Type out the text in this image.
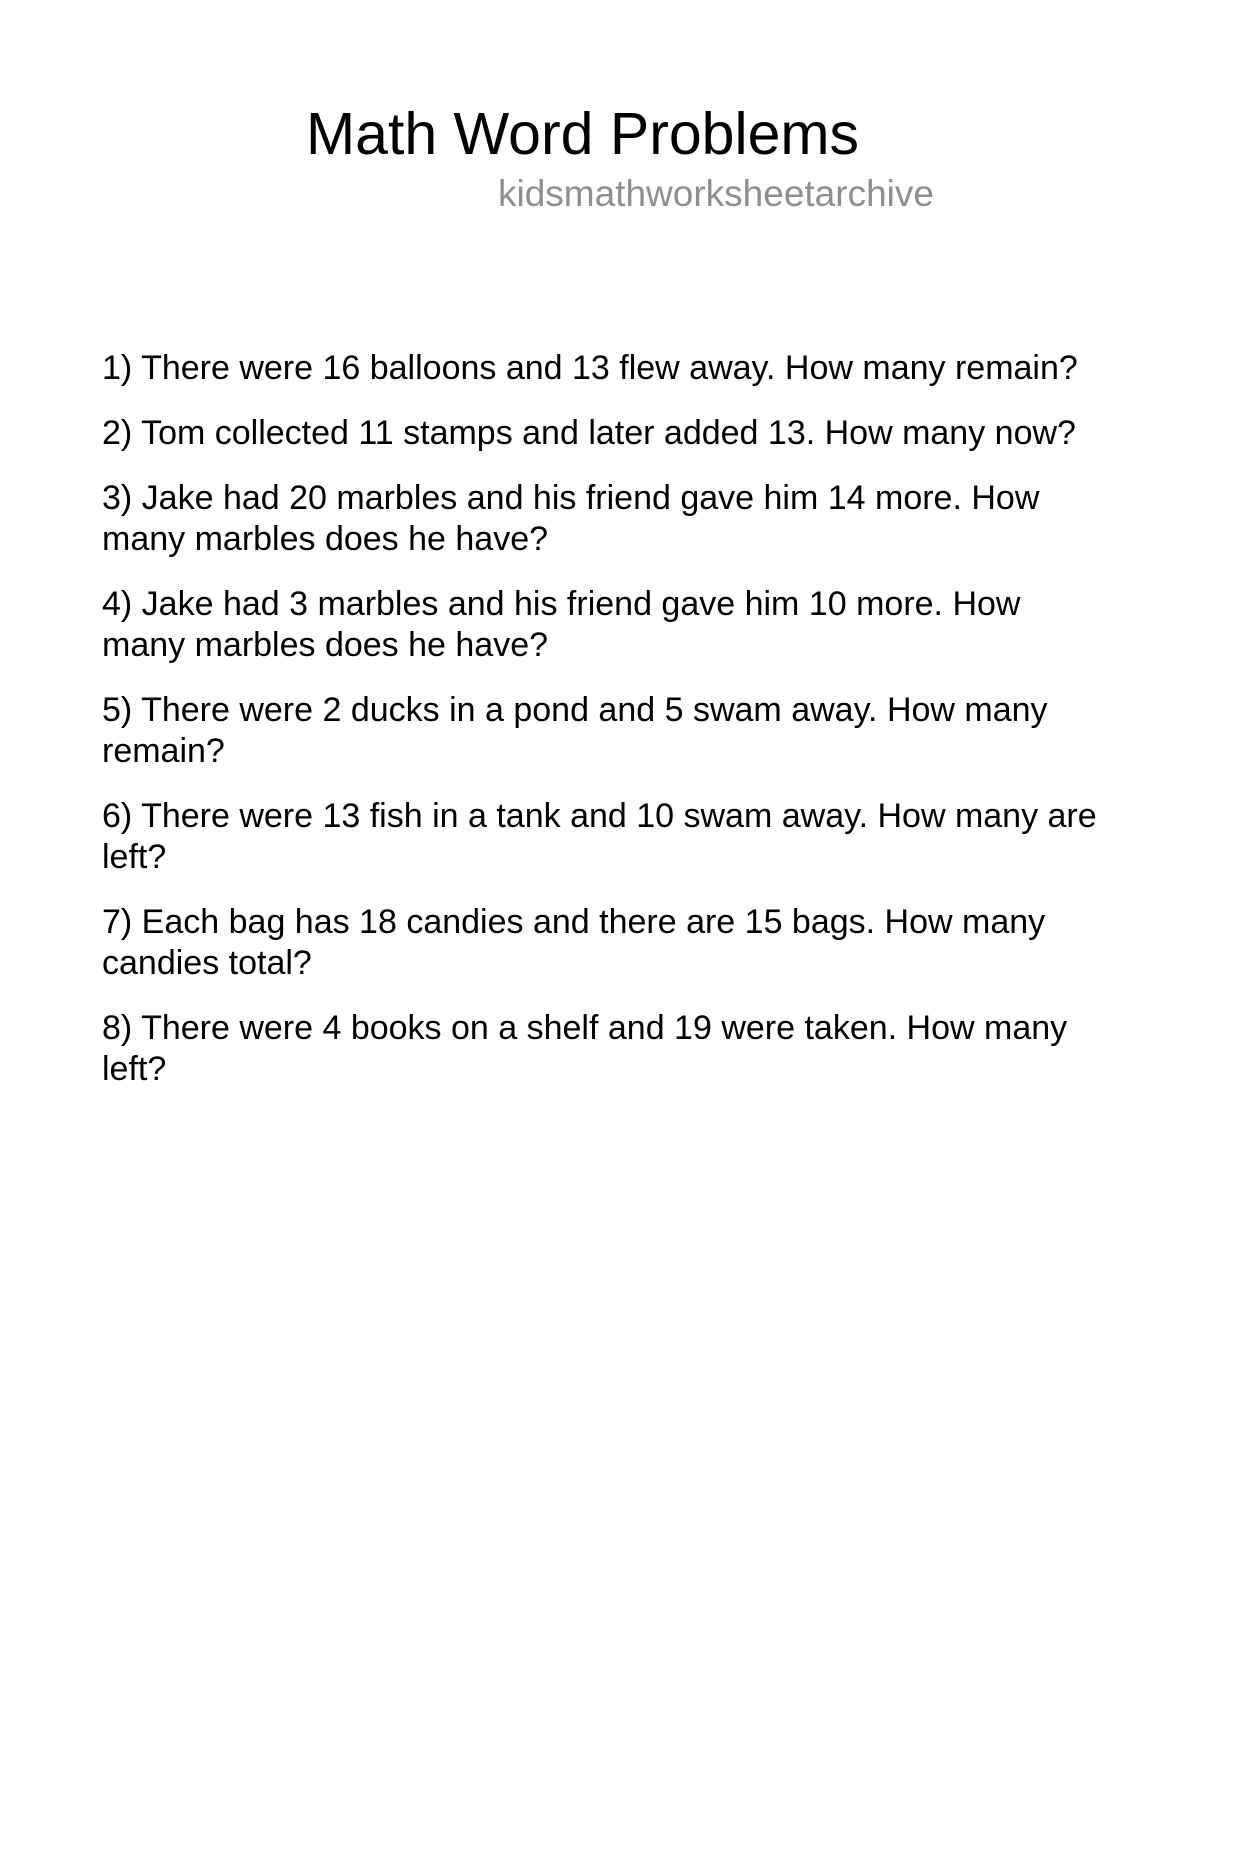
Math Word Problems
kidsmathworksheetarchive

1) There were 16 balloons and 13 flew away. How many remain?

2) Tom collected 11 stamps and later added 13. How many now?

3) Jake had 20 marbles and his friend gave him 14 more. How many marbles does he have?

4) Jake had 3 marbles and his friend gave him 10 more. How many marbles does he have?

5) There were 2 ducks in a pond and 5 swam away. How many remain?

6) There were 13 fish in a tank and 10 swam away. How many are left?

7) Each bag has 18 candies and there are 15 bags. How many candies total?

8) There were 4 books on a shelf and 19 were taken. How many left?
